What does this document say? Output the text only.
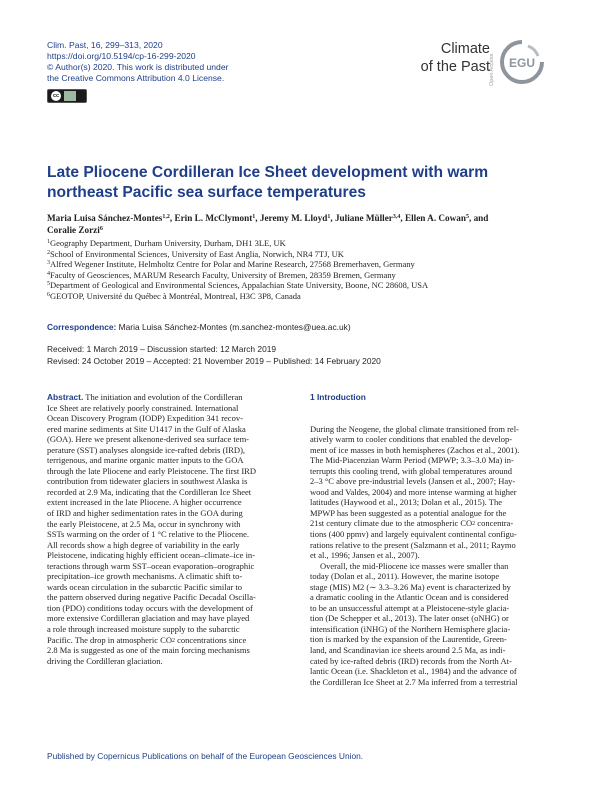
Clim. Past, 16, 299–313, 2020
https://doi.org/10.5194/cp-16-299-2020
© Author(s) 2020. This work is distributed under
the Creative Commons Attribution 4.0 License.
cc
Climate
of the Past Open Access EGU
Late Pliocene Cordilleran Ice Sheet development with warm
northeast Pacific sea surface temperatures
Maria Luisa Sánchez-Montes$^{1,2}$, Erin L. McClymont$^1$, Jeremy M. Lloyd$^1$, Juliane Müller$^{3,4}$, Ellen A. Cowan$^5$, and
Coralie Zorzi$^6$
$^1$Geography Department, Durham University, Durham, DH1 3LE, UK
$^2$School of Environmental Sciences, University of East Anglia, Norwich, NR4 7TJ, UK
$^3$Alfred Wegener Institute, Helmholtz Centre for Polar and Marine Research, 27568 Bremerhaven, Germany
$^4$Faculty of Geosciences, MARUM Research Faculty, University of Bremen, 28359 Bremen, Germany
$^5$Department of Geological and Environmental Sciences, Appalachian State University, Boone, NC 28608, USA
$^6$GEOTOP, Université du Québec à Montréal, Montreal, H3C 3P8, Canada
Correspondence: Maria Luisa Sánchez-Montes (m.sanchez-montes@uea.ac.uk)
Received: 1 March 2019 – Discussion started: 12 March 2019
Revised: 24 October 2019 – Accepted: 21 November 2019 – Published: 14 February 2020
Abstract. The initiation and evolution of the Cordilleran
Ice Sheet are relatively poorly constrained. International
Ocean Discovery Program (IODP) Expedition 341 recov-
ered marine sediments at Site U1417 in the Gulf of Alaska
(GOA). Here we present alkenone-derived sea surface tem-
perature (SST) analyses alongside ice-rafted debris (IRD),
terrigenous, and marine organic matter inputs to the GOA
through the late Pliocene and early Pleistocene. The first IRD
contribution from tidewater glaciers in southwest Alaska is
recorded at 2.9 Ma, indicating that the Cordilleran Ice Sheet
extent increased in the late Pliocene. A higher occurrence
of IRD and higher sedimentation rates in the GOA during
the early Pleistocene, at 2.5 Ma, occur in synchrony with
SSTs warming on the order of 1 °C relative to the Pliocene.
All records show a high degree of variability in the early
Pleistocene, indicating highly efficient ocean–climate–ice in-
teractions through warm SST–ocean evaporation–orographic
precipitation–ice growth mechanisms. A climatic shift to-
wards ocean circulation in the subarctic Pacific similar to
the pattern observed during negative Pacific Decadal Oscilla-
tion (PDO) conditions today occurs with the development of
more extensive Cordilleran glaciation and may have played
a role through increased moisture supply to the subarctic
Pacific. The drop in atmospheric $CO_2$ concentrations since
2.8 Ma is suggested as one of the main forcing mechanisms
driving the Cordilleran glaciation.
1 Introduction
During the Neogene, the global climate transitioned from rel-
atively warm to cooler conditions that enabled the develop-
ment of ice masses in both hemispheres (Zachos et al., 2001).
The Mid-Piacenzian Warm Period (MPWP; 3.3–3.0 Ma) in-
terrupts this cooling trend, with global temperatures around
2–3 °C above pre-industrial levels (Jansen et al., 2007; Hay-
wood and Valdes, 2004) and more intense warming at higher
latitudes (Haywood et al., 2013; Dolan et al., 2015). The
MPWP has been suggested as a potential analogue for the
21st century climate due to the atmospheric $CO_2$ concentra-
tions (400 ppmv) and largely equivalent continental configu-
rations relative to the present (Salzmann et al., 2011; Raymo
et al., 1996; Jansen et al., 2007).
Overall, the mid-Pliocene ice masses were smaller than
today (Dolan et al., 2011). However, the marine isotope
stage (MIS) M2 (∼ 3.3–3.26 Ma) event is characterized by
a dramatic cooling in the Atlantic Ocean and is considered
to be an unsuccessful attempt at a Pleistocene-style glacia-
tion (De Schepper et al., 2013). The later onset (oNHG) or
intensification (iNHG) of the Northern Hemisphere glacia-
tion is marked by the expansion of the Laurentide, Green-
land, and Scandinavian ice sheets around 2.5 Ma, as indi-
cated by ice-rafted debris (IRD) records from the North At-
lantic Ocean (i.e. Shackleton et al., 1984) and the advance of
the Cordilleran Ice Sheet at 2.7 Ma inferred from a terrestrial
Published by Copernicus Publications on behalf of the European Geosciences Union.
